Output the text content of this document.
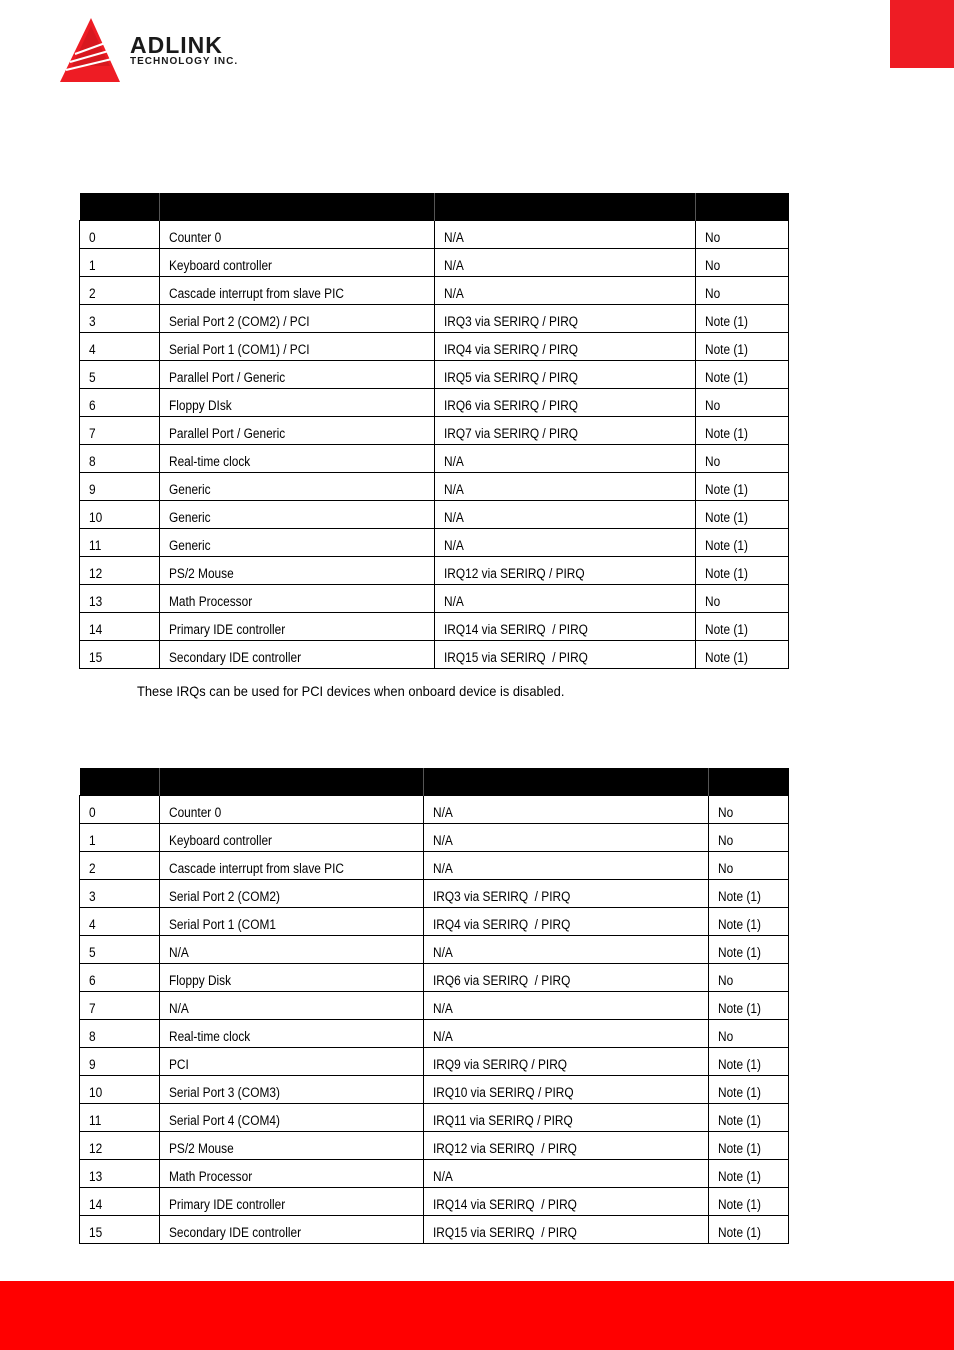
ADLINK
TECHNOLOGY INC.

0	Counter 0	N/A	No
1	Keyboard controller	N/A	No
2	Cascade interrupt from slave PIC	N/A	No
3	Serial Port 2 (COM2) / PCI	IRQ3 via SERIRQ / PIRQ	Note (1)
4	Serial Port 1 (COM1) / PCI	IRQ4 via SERIRQ / PIRQ	Note (1)
5	Parallel Port / Generic	IRQ5 via SERIRQ / PIRQ	Note (1)
6	Floppy DIsk	IRQ6 via SERIRQ / PIRQ	No
7	Parallel Port / Generic	IRQ7 via SERIRQ / PIRQ	Note (1)
8	Real-time clock	N/A	No
9	Generic	N/A	Note (1)
10	Generic	N/A	Note (1)
11	Generic	N/A	Note (1)
12	PS/2 Mouse	IRQ12 via SERIRQ / PIRQ	Note (1)
13	Math Processor	N/A	No
14	Primary IDE controller	IRQ14 via SERIRQ  / PIRQ	Note (1)
15	Secondary IDE controller	IRQ15 via SERIRQ  / PIRQ	Note (1)
These IRQs can be used for PCI devices when onboard device is disabled.

0	Counter 0	N/A	No
1	Keyboard controller	N/A	No
2	Cascade interrupt from slave PIC	N/A	No
3	Serial Port 2 (COM2)	IRQ3 via SERIRQ  / PIRQ	Note (1)
4	Serial Port 1 (COM1	IRQ4 via SERIRQ  / PIRQ	Note (1)
5	N/A	N/A	Note (1)
6	Floppy Disk	IRQ6 via SERIRQ  / PIRQ	No
7	N/A	N/A	Note (1)
8	Real-time clock	N/A	No
9	PCI	IRQ9 via SERIRQ / PIRQ	Note (1)
10	Serial Port 3 (COM3)	IRQ10 via SERIRQ / PIRQ	Note (1)
11	Serial Port 4 (COM4)	IRQ11 via SERIRQ / PIRQ	Note (1)
12	PS/2 Mouse	IRQ12 via SERIRQ  / PIRQ	Note (1)
13	Math Processor	N/A	Note (1)
14	Primary IDE controller	IRQ14 via SERIRQ  / PIRQ	Note (1)
15	Secondary IDE controller	IRQ15 via SERIRQ  / PIRQ	Note (1)
